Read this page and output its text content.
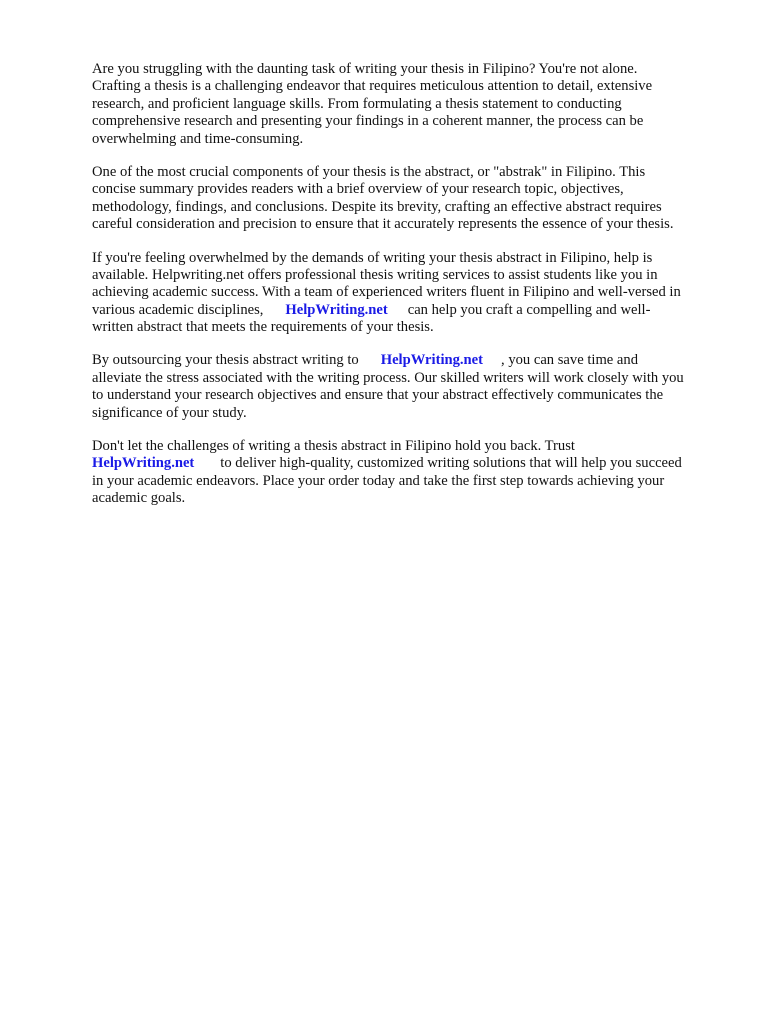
Are you struggling with the daunting task of writing your thesis in Filipino? You're not alone.
Crafting a thesis is a challenging endeavor that requires meticulous attention to detail, extensive
research, and proficient language skills. From formulating a thesis statement to conducting
comprehensive research and presenting your findings in a coherent manner, the process can be
overwhelming and time-consuming.

One of the most crucial components of your thesis is the abstract, or "abstrak" in Filipino. This
concise summary provides readers with a brief overview of your research topic, objectives,
methodology, findings, and conclusions. Despite its brevity, crafting an effective abstract requires
careful consideration and precision to ensure that it accurately represents the essence of your thesis.

If you're feeling overwhelmed by the demands of writing your thesis abstract in Filipino, help is
available. Helpwriting.net offers professional thesis writing services to assist students like you in
achieving academic success. With a team of experienced writers fluent in Filipino and well-versed in
various academic disciplines, HelpWriting.net can help you craft a compelling and well-
written abstract that meets the requirements of your thesis.

By outsourcing your thesis abstract writing to HelpWriting.net , you can save time and
alleviate the stress associated with the writing process. Our skilled writers will work closely with you
to understand your research objectives and ensure that your abstract effectively communicates the
significance of your study.

Don't let the challenges of writing a thesis abstract in Filipino hold you back. Trust
HelpWriting.net to deliver high-quality, customized writing solutions that will help you succeed
in your academic endeavors. Place your order today and take the first step towards achieving your
academic goals.
